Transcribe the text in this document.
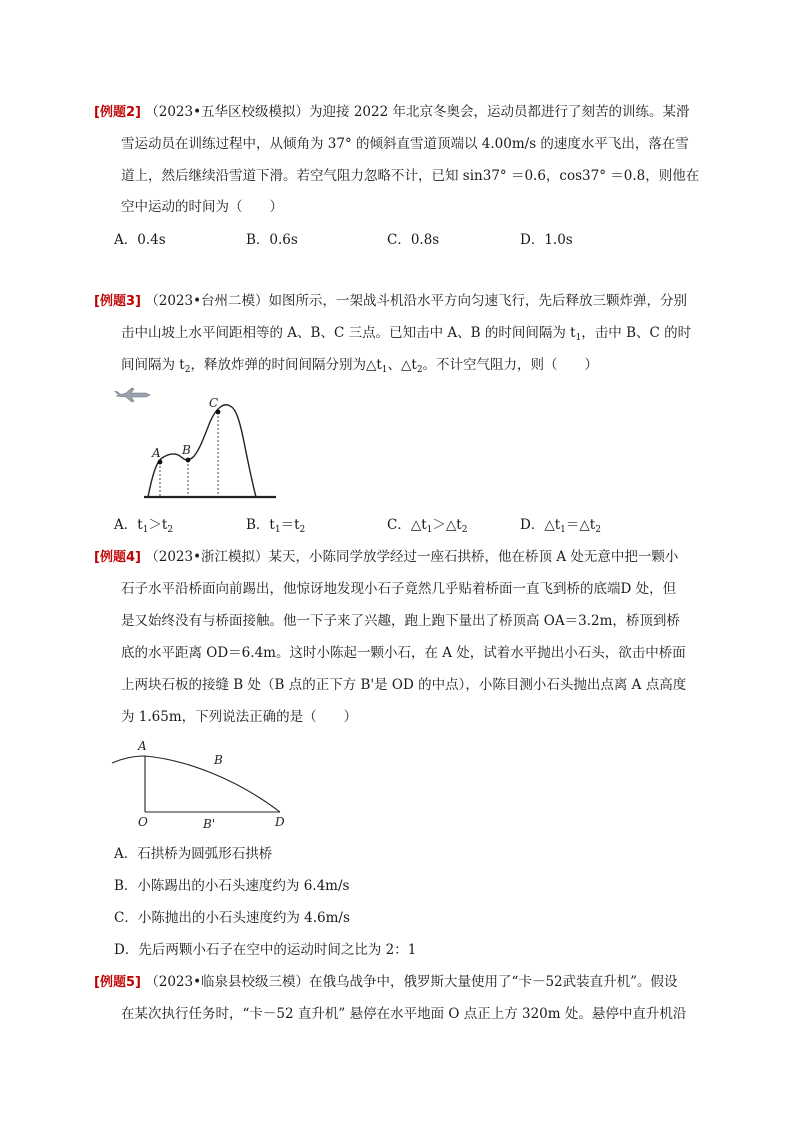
[例题2] （2023•五华区校级模拟）为迎接 2022 年北京冬奥会，运动员都进行了刻苦的训练。某滑
雪运动员在训练过程中，从倾角为 37° 的倾斜直雪道顶端以 4.00m/s 的速度水平飞出，落在雪
道上，然后继续沿雪道下滑。若空气阻力忽略不计，已知 sin37° ＝0.6，cos37° ＝0.8，则他在
空中运动的时间为（　　）
A．0.4s	B．0.6s	C．0.8s	D．1.0s
[例题3] （2023•台州二模）如图所示，一架战斗机沿水平方向匀速飞行，先后释放三颗炸弹，分别
击中山坡上水平间距相等的 A、B、C 三点。已知击中 A、B 的时间间隔为 $t_1$，击中 B、C 的时
间间隔为 $t_2$，释放炸弹的时间间隔分别为$\triangle t_1$、$\triangle t_2$。不计空气阻力，则（　　）
A B
C
A．$t_1>t_2$	B．$t_1=t_2$	C．$\triangle t_1>\triangle t_2$	D．$\triangle t_1=\triangle t_2$
[例题4] （2023•浙江模拟）某天，小陈同学放学经过一座石拱桥，他在桥顶 A 处无意中把一颗小
石子水平沿桥面向前踢出，他惊讶地发现小石子竟然几乎贴着桥面一直飞到桥的底端D 处，但
是又始终没有与桥面接触。他一下子来了兴趣，跑上跑下量出了桥顶高 OA＝3.2m，桥顶到桥
底的水平距离 OD＝6.4m。这时小陈起一颗小石，在 A 处，试着水平抛出小石头，欲击中桥面
上两块石板的接缝 B 处（B 点的正下方 B'是 OD 的中点），小陈目测小石头抛出点离 A 点高度
为 1.65m，下列说法正确的是（　　）
A
B
O	B'	D
A．石拱桥为圆弧形石拱桥
B．小陈踢出的小石头速度约为 6.4m/s
C．小陈抛出的小石头速度约为 4.6m/s
D．先后两颗小石子在空中的运动时间之比为 2：1
[例题5] （2023•临泉县校级三模）在俄乌战争中，俄罗斯大量使用了“卡－52武装直升机”。假设
在某次执行任务时，“卡－52 直升机” 悬停在水平地面 O 点正上方 320m 处。悬停中直升机沿
